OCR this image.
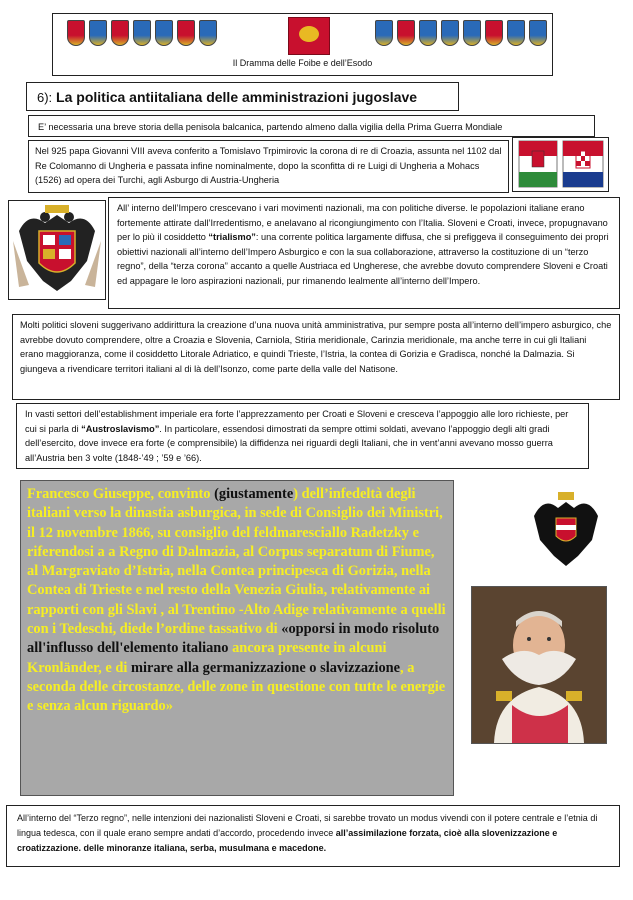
Il Dramma delle Foibe e dell’Esodo
6): La politica antiitaliana delle amministrazioni jugoslave

E’ necessaria una breve storia della penisola balcanica, partendo almeno dalla vigilia della Prima Guerra Mondiale

Nel 925 papa Giovanni VIII aveva conferito a Tomislavo Trpimirovic la corona di re di Croazia, assunta nel 1102 dal Re Colomanno di Ungheria e passata infine nominalmente, dopo la sconfitta di re Luigi di Ungheria a Mohacs (1526) ad opera dei Turchi, agli Asburgo di Austria-Ungheria

All’ interno dell’Impero crescevano i vari movimenti nazionali, ma con politiche diverse. le popolazioni italiane erano fortemente attirate dall’Irredentismo, e anelavano al ricongiungimento con l’Italia. Sloveni e Croati, invece, propugnavano per lo più il cosiddetto “trialismo”: una corrente politica largamente diffusa, che si prefiggeva il conseguimento dei propri obiettivi nazionali all’interno dell’Impero Asburgico e con la sua collaborazione, attraverso la costituzione di un “terzo regno”, della “terza corona” accanto a quelle Austriaca ed Ungherese, che avrebbe dovuto comprendere Sloveni e Croati ed appagare le loro aspirazioni nazionali, pur rimanendo lealmente all’interno dell’Impero.

Molti politici sloveni suggerivano addirittura la creazione d’una nuova unità amministrativa, pur sempre posta all’interno dell’impero asburgico, che avrebbe dovuto comprendere, oltre a Croazia e Slovenia, Carniola, Stiria meridionale, Carinzia meridionale, ma anche terre in cui gli Italiani erano maggioranza, come il cosiddetto Litorale Adriatico, e quindi Trieste, l’Istria, la contea di Gorizia e Gradisca, nonché la Dalmazia. Si giungeva a rivendicare territori italiani al di là dell’Isonzo, come parte della valle del Natisone.

In vasti settori dell’establishment imperiale era forte l’apprezzamento per Croati e Sloveni e cresceva l’appoggio alle loro richieste, per cui si parla di “Austroslavismo”. In particolare, essendosi dimostrati da sempre ottimi soldati, avevano l’appoggio degli alti gradi dell’esercito, dove invece era forte (e comprensibile) la diffidenza nei riguardi degli Italiani, che in vent’anni avevano mosso guerra all’Austria ben 3 volte (1848-’49 ; ’59 e ’66).

Francesco Giuseppe, convinto (giustamente) dell’infedeltà degli italiani verso la dinastia asburgica, in sede di Consiglio dei Ministri, il 12 novembre 1866, su consiglio del feldmaresciallo Radetzky e riferendosi a a Regno di Dalmazia, al Corpus separatum di Fiume, al Margraviato d’Istria, nella Contea principesca di Gorizia, nella Contea di Trieste e nel resto della Venezia Giulia, relativamente ai rapporti con gli Slavi , al Trentino -Alto Adige relativamente a quelli con i Tedeschi, diede l’ordine tassativo di «opporsi in modo risoluto all'influsso dell'elemento italiano ancora presente in alcuni Kronländer, e di mirare alla germanizzazione o slavizzazione, a seconda delle circostanze, delle zone in questione con tutte le energie e senza alcun riguardo»

All’interno del “Terzo regno”, nelle intenzioni dei nazionalisti Sloveni e Croati, si sarebbe trovato un modus vivendi con il potere centrale e l’etnia di lingua tedesca, con il quale erano sempre andati d’accordo, procedendo invece all’assimilazione forzata, cioè alla slovenizzazione e croatizzazione. delle minoranze italiana, serba, musulmana e macedone.
